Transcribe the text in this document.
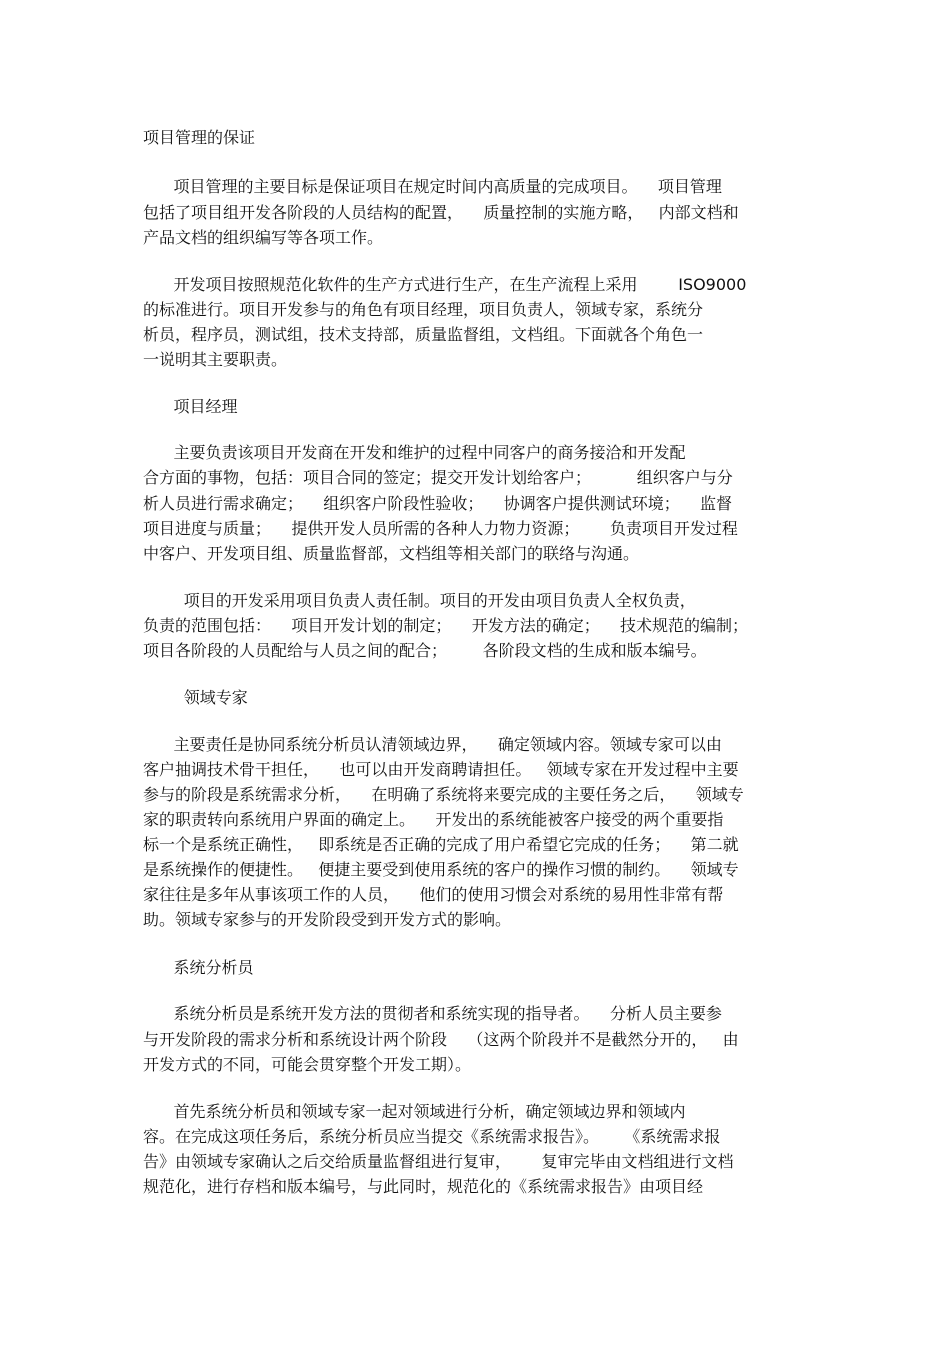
项目管理的保证

项目管理的主要目标是保证项目在规定时间内高质量的完成项目。    项目管理

包括了项目组开发各阶段的人员结构的配置，    质量控制的实施方略，   内部文档和

产品文档的组织编写等各项工作。

开发项目按照规范化软件的生产方式进行生产，在生产流程上采用        ISO9000

的标准进行。项目开发参与的角色有项目经理，项目负责人，领域专家，系统分

析员，程序员，测试组，技术支持部，质量监督组，文档组。下面就各个角色一

一说明其主要职责。

项目经理

主要负责该项目开发商在开发和维护的过程中同客户的商务接洽和开发配

合方面的事物，包括：项目合同的签定；提交开发计划给客户；         组织客户与分

析人员进行需求确定；    组织客户阶段性验收；    协调客户提供测试环境；    监督

项目进度与质量；    提供开发人员所需的各种人力物力资源；      负责项目开发过程

中客户、开发项目组、质量监督部，文档组等相关部门的联络与沟通。

项目的开发采用项目负责人责任制。项目的开发由项目负责人全权负责，

负责的范围包括：    项目开发计划的制定；    开发方法的确定；    技术规范的编制；

项目各阶段的人员配给与人员之间的配合；       各阶段文档的生成和版本编号。

领域专家

主要责任是协同系统分析员认清领域边界，    确定领域内容。领域专家可以由

客户抽调技术骨干担任，    也可以由开发商聘请担任。   领域专家在开发过程中主要

参与的阶段是系统需求分析，    在明确了系统将来要完成的主要任务之后，    领域专

家的职责转向系统用户界面的确定上。    开发出的系统能被客户接受的两个重要指

标一个是系统正确性，   即系统是否正确的完成了用户希望它完成的任务；    第二就

是系统操作的便捷性。   便捷主要受到使用系统的客户的操作习惯的制约。    领域专

家往往是多年从事该项工作的人员，    他们的使用习惯会对系统的易用性非常有帮

助。领域专家参与的开发阶段受到开发方式的影响。

系统分析员

系统分析员是系统开发方法的贯彻者和系统实现的指导者。    分析人员主要参

与开发阶段的需求分析和系统设计两个阶段    （这两个阶段并不是截然分开的，   由

开发方式的不同，可能会贯穿整个开发工期）。

首先系统分析员和领域专家一起对领域进行分析，确定领域边界和领域内

容。在完成这项任务后，系统分析员应当提交《系统需求报告》。     《系统需求报

告》由领域专家确认之后交给质量监督组进行复审，      复审完毕由文档组进行文档

规范化，进行存档和版本编号，与此同时，规范化的《系统需求报告》由项目经
